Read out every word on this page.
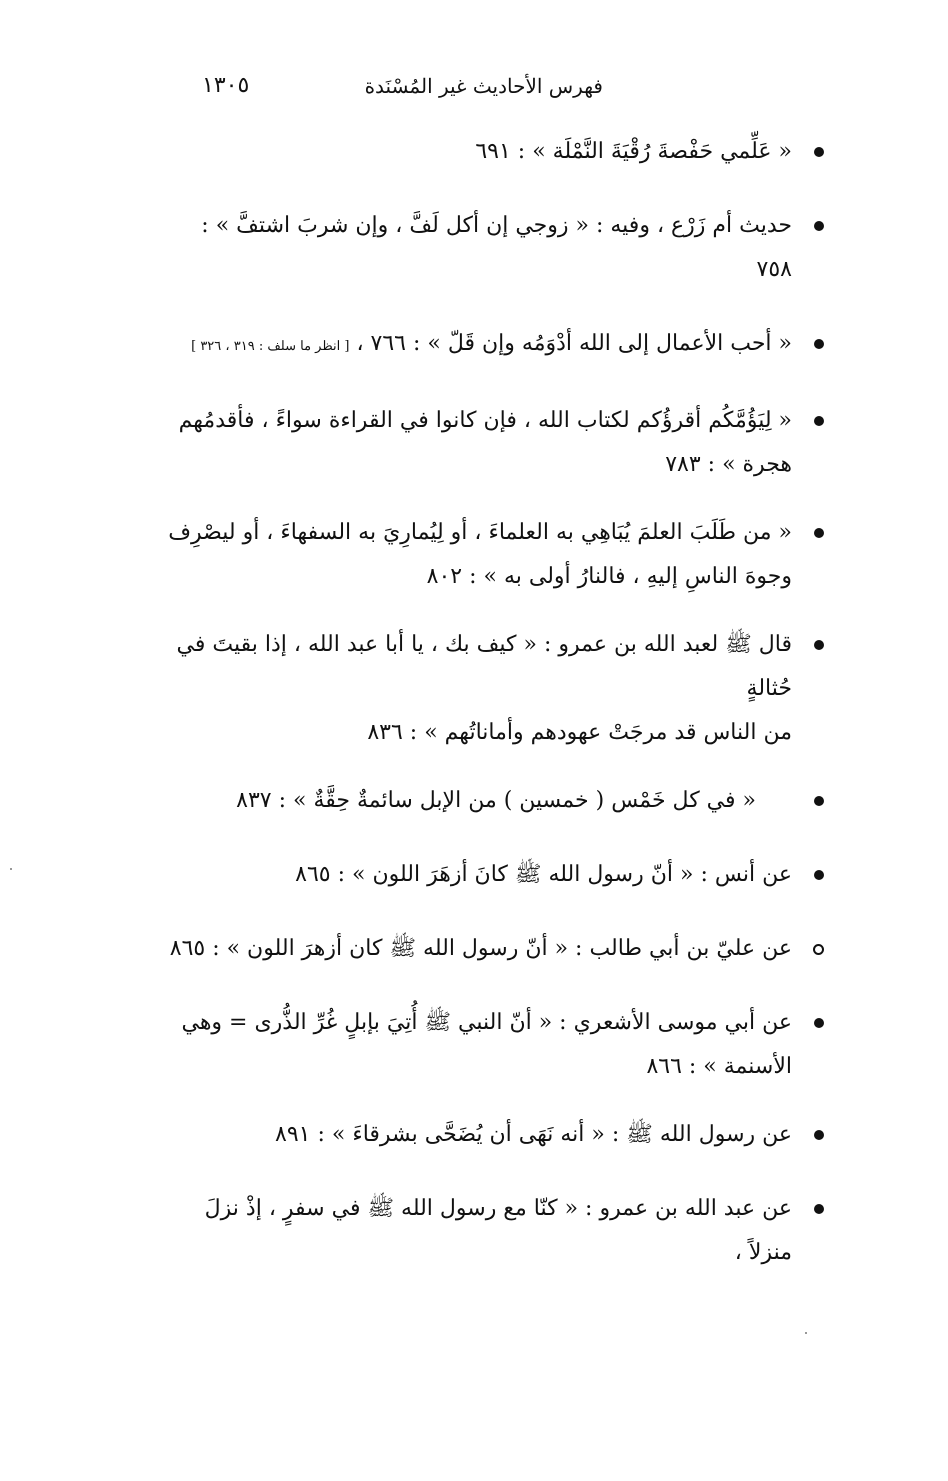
فهرس الأحاديث غير المُسْنَدة
١٣٠٥
« عَلِّمي حَفْصةَ رُقْيَةَ النَّمْلَة » : ٦٩١
حديث أم زَرْع ، وفيه : « زوجي إن أكل لَفَّ ، وإن شربَ اشتفَّ » : ٧٥٨
« أحب الأعمال إلى الله أدْوَمُه وإن قَلّ » : ٧٦٦ ، [ انظر ما سلف : ٣١٩ ، ٣٢٦ ]
« لِيَؤُمَّكُم أقرؤُكم لكتاب الله ، فإن كانوا في القراءة سواءً ، فأقدمُهم
هجرة » : ٧٨٣
« من طَلَبَ العلمَ يُبَاهِي به العلماءَ ، أو لِيُمارِيَ به السفهاءَ ، أو ليصْرِف
وجوهَ الناسِ إليهِ ، فالنارُ أولى به » : ٨٠٢
قال ﷺ لعبد الله بن عمرو : « كيف بك ، يا أبا عبد الله ، إذا بقيتَ في حُثالةٍ
من الناس قد مرجَتْ عهودهم وأماناتُهم » : ٨٣٦
« في كل خَمْس ( خمسين ) من الإبل سائمةٌ حِقَّةٌ » : ٨٣٧
عن أنس : « أنّ رسول الله ﷺ كانَ أزهَرَ اللون » : ٨٦٥
عن عليّ بن أبي طالب : « أنّ رسول الله ﷺ كان أزهرَ اللون » : ٨٦٥
عن أبي موسى الأشعري : « أنّ النبي ﷺ أُتِيَ بإبلٍ غُرِّ الذُّرى = وهي
الأسنمة » : ٨٦٦
عن رسول الله ﷺ : « أنه نَهَى أن يُضَحَّى بشرقاءَ » : ٨٩١
عن عبد الله بن عمرو : « كنّا مع رسول الله ﷺ في سفرٍ ، إذْ نزلَ منزلاً ،
